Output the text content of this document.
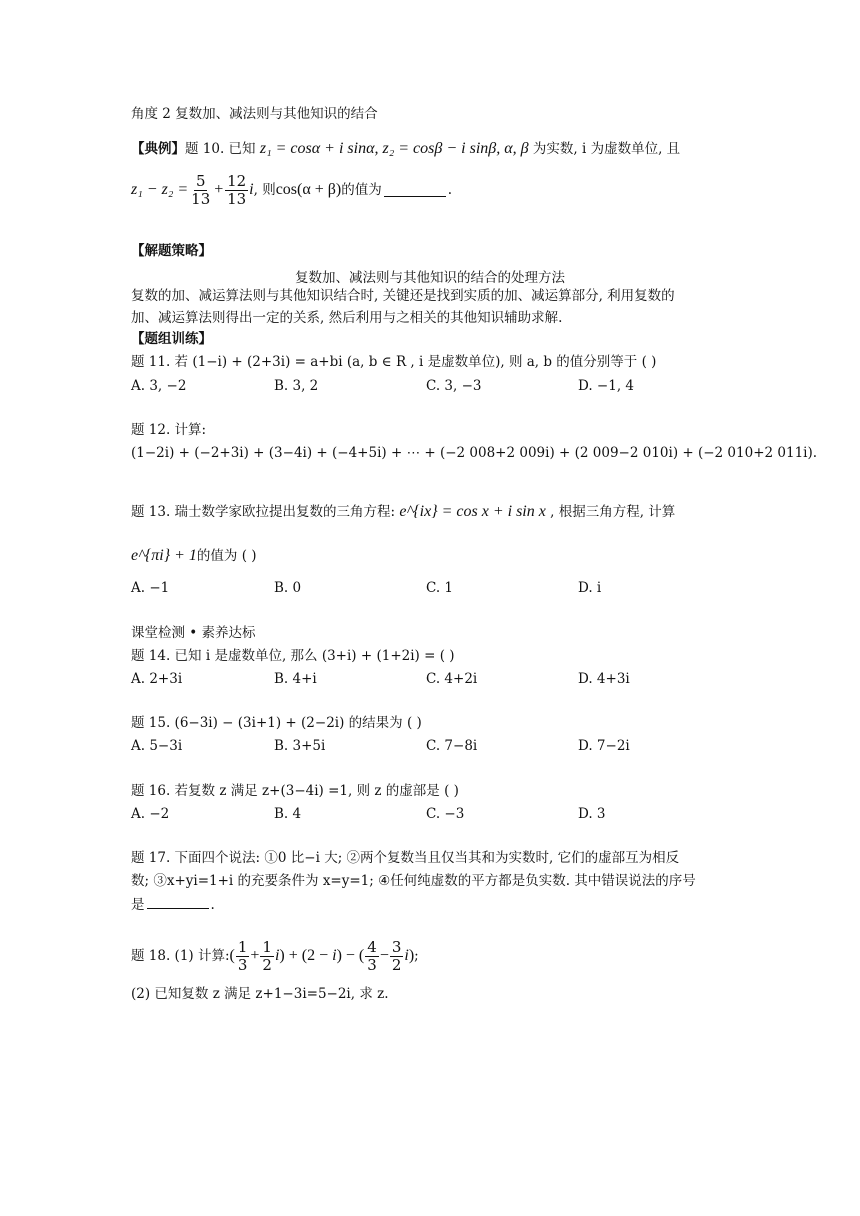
角度 2 复数加、减法则与其他知识的结合
【典例】题 10. 已知 z₁ = cosα + i sinα, z₂ = cosβ − i sinβ, α, β 为实数, i 为虚数单位, 且
$z_1 - z_2 = \frac{5}{13} + \frac{12}{13}$ i , 则 cos(α + β) 的值为	.
【解题策略】
复数加、减法则与其他知识的结合的处理方法
复数的加、减运算法则与其他知识结合时, 关键还是找到实质的加、减运算部分, 利用复数的
加、减运算法则得出一定的关系, 然后利用与之相关的其他知识辅助求解.
【题组训练】
题 11. 若 (1−i) + (2+3i) = a+bi (a, b ∈ R , i 是虚数单位), 则 a, b 的值分别等于 ( )
A. 3, −2	B. 3, 2	C. 3, −3	D. −1, 4
题 12. 计算:
(1−2i) + (−2+3i) + (3−4i) + (−4+5i) + ⋯ + (−2 008+2 009i) + (2 009−2 010i) + (−2 010+2 011i).
题 13. 瑞士数学家欧拉提出复数的三角方程: e^{ix} = cos x + i sin x , 根据三角方程, 计算
e^{πi} + 1的值为 ( )
A. −1	B. 0	C. 1	D. i
课堂检测 • 素养达标
题 14. 已知 i 是虚数单位, 那么 (3+i) + (1+2i) = ( )
A. 2+3i	B. 4+i	C. 4+2i	D. 4+3i
题 15. (6−3i) − (3i+1) + (2−2i) 的结果为 ( )
A. 5−3i	B. 3+5i	C. 7−8i	D. 7−2i
题 16. 若复数 z 满足 z+(3−4i) =1, 则 z 的虚部是 ( )
A. −2	B. 4	C. −3	D. 3
题 17. 下面四个说法: ①0 比−i 大; ②两个复数当且仅当其和为实数时, 它们的虚部互为相反
数; ③x+yi=1+i 的充要条件为 x=y=1; ④任何纯虚数的平方都是负实数. 其中错误说法的序号
是	.
题 18. (1) 计算: ( $\frac{1}{3} + \frac{1}{2}$ i ) + (2 − i) − ( $\frac{4}{3} - \frac{3}{2}$ i ) ;
(2) 已知复数 z 满足 z+1−3i=5−2i, 求 z.
